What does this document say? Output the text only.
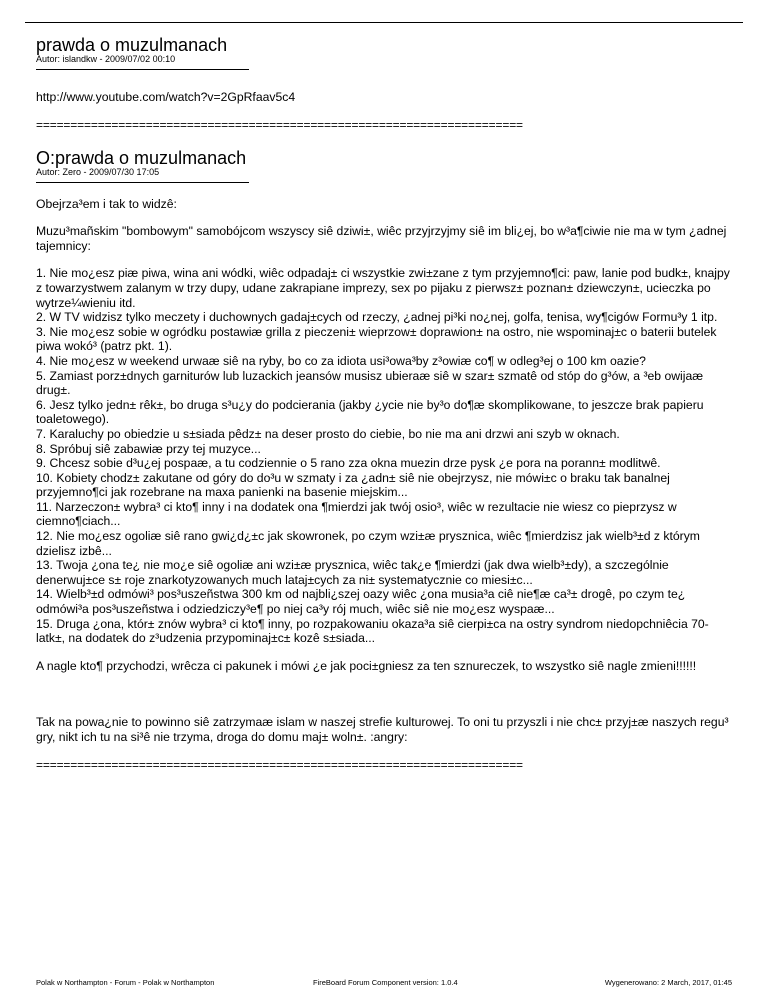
prawda o muzulmanach
Autor: islandkw - 2009/07/02 00:10

http://www.youtube.com/watch?v=2GpRfaav5c4

=======================================================================

O:prawda o muzulmanach
Autor: Zero - 2009/07/30 17:05

Obejrza³em i tak to widzê:

Muzu³mañskim "bombowym" samobójcom wszyscy siê dziwi±, wiêc przyjrzyjmy siê im bli¿ej, bo w³a¶ciwie nie ma w tym ¿adnej tajemnicy:

1. Nie mo¿esz piæ piwa, wina ani wódki, wiêc odpadaj± ci wszystkie zwi±zane z tym przyjemno¶ci: paw, lanie pod budk±, knajpy z towarzystwem zalanym w trzy dupy, udane zakrapiane imprezy, sex po pijaku z pierwsz± poznan± dziewczyn±, ucieczka po wytrze¼wieniu itd.
2. W TV widzisz tylko meczety i duchownych gadaj±cych od rzeczy, ¿adnej pi³ki no¿nej, golfa, tenisa, wy¶cigów Formu³y 1 itp.
3. Nie mo¿esz sobie w ogródku postawiæ grilla z pieczeni± wieprzow± doprawion± na ostro, nie wspominaj±c o baterii butelek piwa wokó³ (patrz pkt. 1).
4. Nie mo¿esz w weekend urwaæ siê na ryby, bo co za idiota usi³owa³by z³owiæ co¶ w odleg³ej o 100 km oazie?
5. Zamiast porz±dnych garniturów lub luzackich jeansów musisz ubieraæ siê w szar± szmatê od stóp do g³ów, a ³eb owijaæ drug±.
6. Jesz tylko jedn± rêk±, bo druga s³u¿y do podcierania (jakby ¿ycie nie by³o do¶æ skomplikowane, to jeszcze brak papieru toaletowego).
7. Karaluchy po obiedzie u s±siada pêdz± na deser prosto do ciebie, bo nie ma ani drzwi ani szyb w oknach.
8. Spróbuj siê zabawiæ przy tej muzyce...
9. Chcesz sobie d³u¿ej pospaæ, a tu codziennie o 5 rano zza okna muezin drze pysk ¿e pora na porann± modlitwê.
10. Kobiety chodz± zakutane od góry do do³u w szmaty i za ¿adn± siê nie obejrzysz, nie mówi±c o braku tak banalnej przyjemno¶ci jak rozebrane na maxa panienki na basenie miejskim...
11. Narzeczon± wybra³ ci kto¶ inny i na dodatek ona ¶mierdzi jak twój osio³, wiêc w rezultacie nie wiesz co pieprzysz w ciemno¶ciach...
12. Nie mo¿esz ogoliæ siê rano gwi¿d¿±c jak skowronek, po czym wzi±æ prysznica, wiêc ¶mierdzisz jak wielb³±d z którym dzielisz izbê...
13. Twoja ¿ona te¿ nie mo¿e siê ogoliæ ani wzi±æ prysznica, wiêc tak¿e ¶mierdzi (jak dwa wielb³±dy), a szczególnie denerwuj±ce s± roje znarkotyzowanych much lataj±cych za ni± systematycznie co miesi±c...
14. Wielb³±d odmówi³ pos³uszeñstwa 300 km od najbli¿szej oazy wiêc ¿ona musia³a ciê nie¶æ ca³± drogê, po czym te¿ odmówi³a pos³uszeñstwa i odziedziczy³e¶ po niej ca³y rój much, wiêc siê nie mo¿esz wyspaæ...
15. Druga ¿ona, któr± znów wybra³ ci kto¶ inny, po rozpakowaniu okaza³a siê cierpi±ca na ostry syndrom niedopchniêcia 70-latk±, na dodatek do z³udzenia przypominaj±c± kozê s±siada...

A nagle kto¶ przychodzi, wrêcza ci pakunek i mówi ¿e jak poci±gniesz za ten sznureczek, to wszystko siê nagle zmieni!!!!!!

Tak na powa¿nie to powinno siê zatrzymaæ islam w naszej strefie kulturowej. To oni tu przyszli i nie chc± przyj±æ naszych regu³ gry, nikt ich tu na si³ê nie trzyma, droga do domu maj± woln±. :angry:

=======================================================================

Polak w Northampton - Forum - Polak w Northampton	FireBoard Forum Component version: 1.0.4	Wygenerowano: 2 March, 2017, 01:45
